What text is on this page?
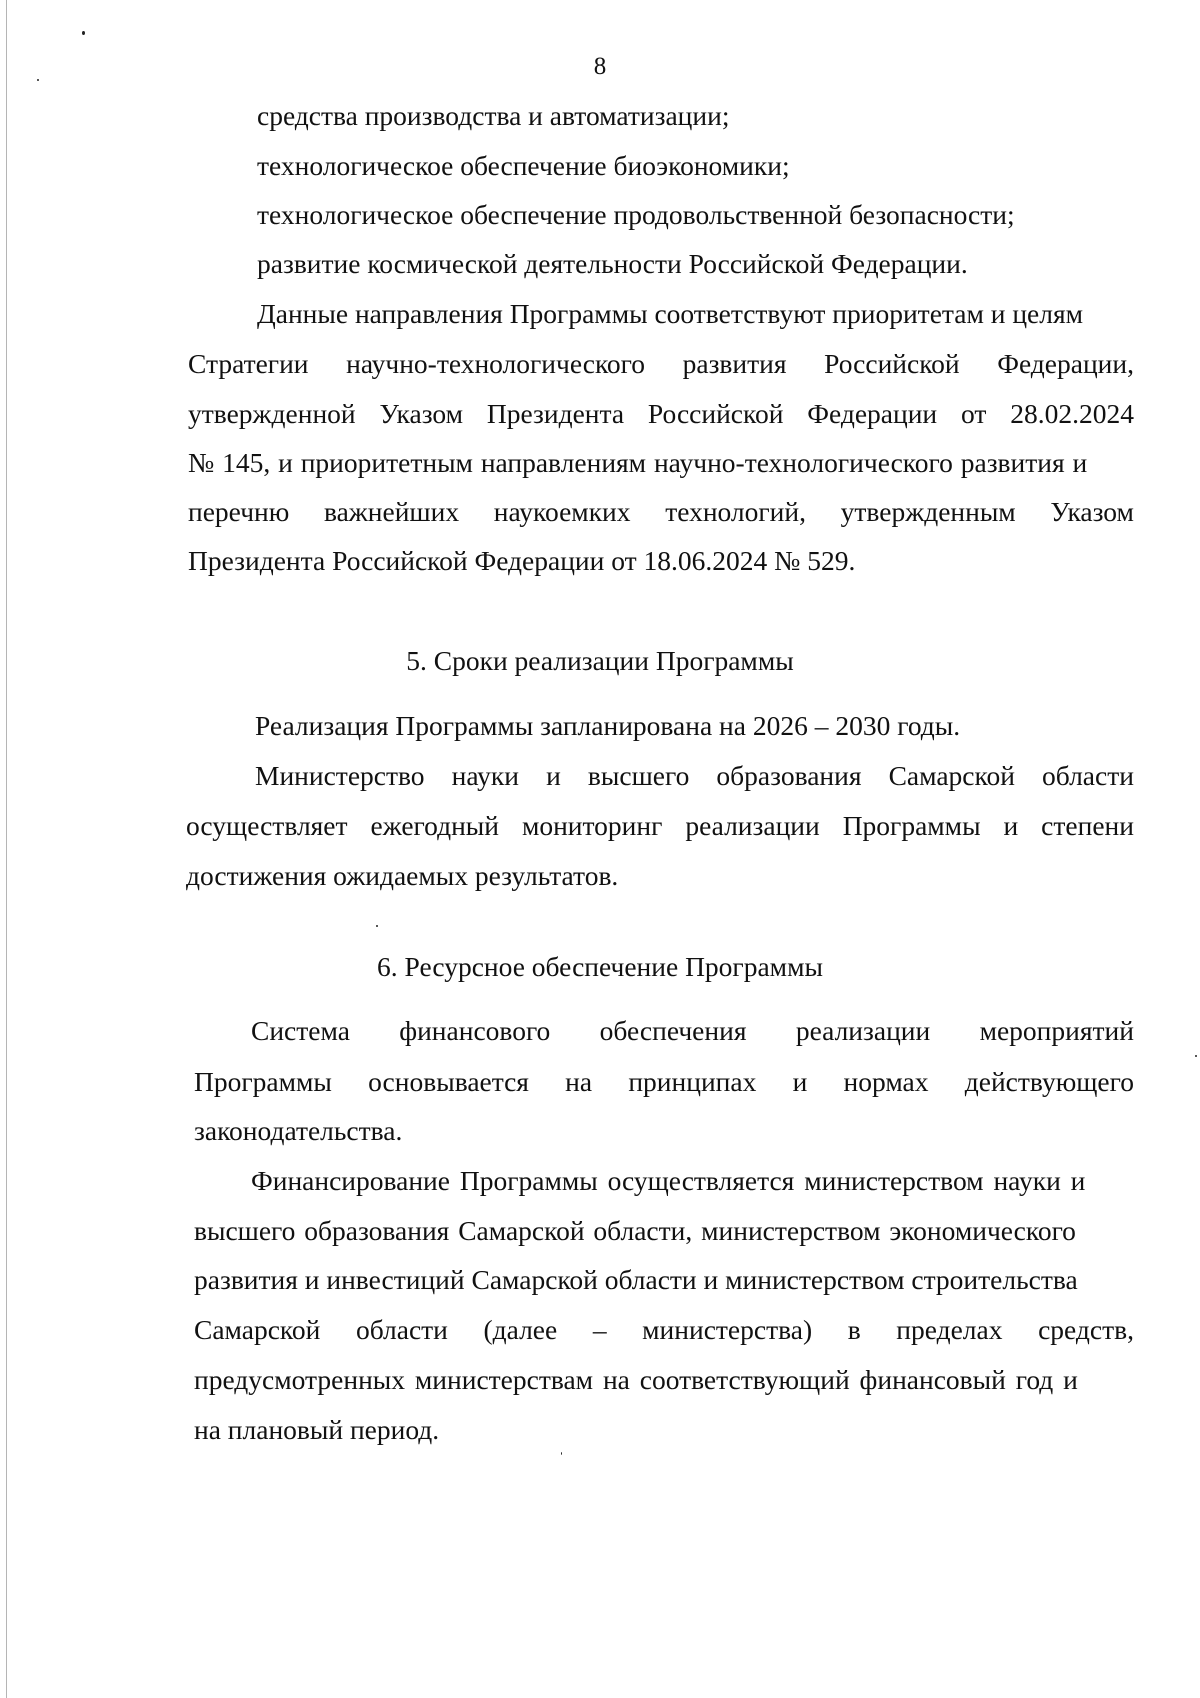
8
средства производства и автоматизации;
технологическое обеспечение биоэкономики;
технологическое обеспечение продовольственной безопасности;
развитие космической деятельности Российской Федерации.
Данные направления Программы соответствуют приоритетам и целям
Стратегии научно-технологического развития Российской Федерации,
утвержденной Указом Президента Российской Федерации от 28.02.2024
№ 145, и приоритетным направлениям научно-технологического развития и
перечню важнейших наукоемких технологий, утвержденным Указом
Президента Российской Федерации от 18.06.2024 № 529.
5. Сроки реализации Программы
Реализация Программы запланирована на 2026 – 2030 годы.
Министерство науки и высшего образования Самарской области
осуществляет ежегодный мониторинг реализации Программы и степени
достижения ожидаемых результатов.
6. Ресурсное обеспечение Программы
Система финансового обеспечения реализации мероприятий
Программы основывается на принципах и нормах действующего
законодательства.
Финансирование Программы осуществляется министерством науки и
высшего образования Самарской области, министерством экономического
развития и инвестиций Самарской области и министерством строительства
Самарской области (далее – министерства) в пределах средств,
предусмотренных министерствам на соответствующий финансовый год и
на плановый период.
